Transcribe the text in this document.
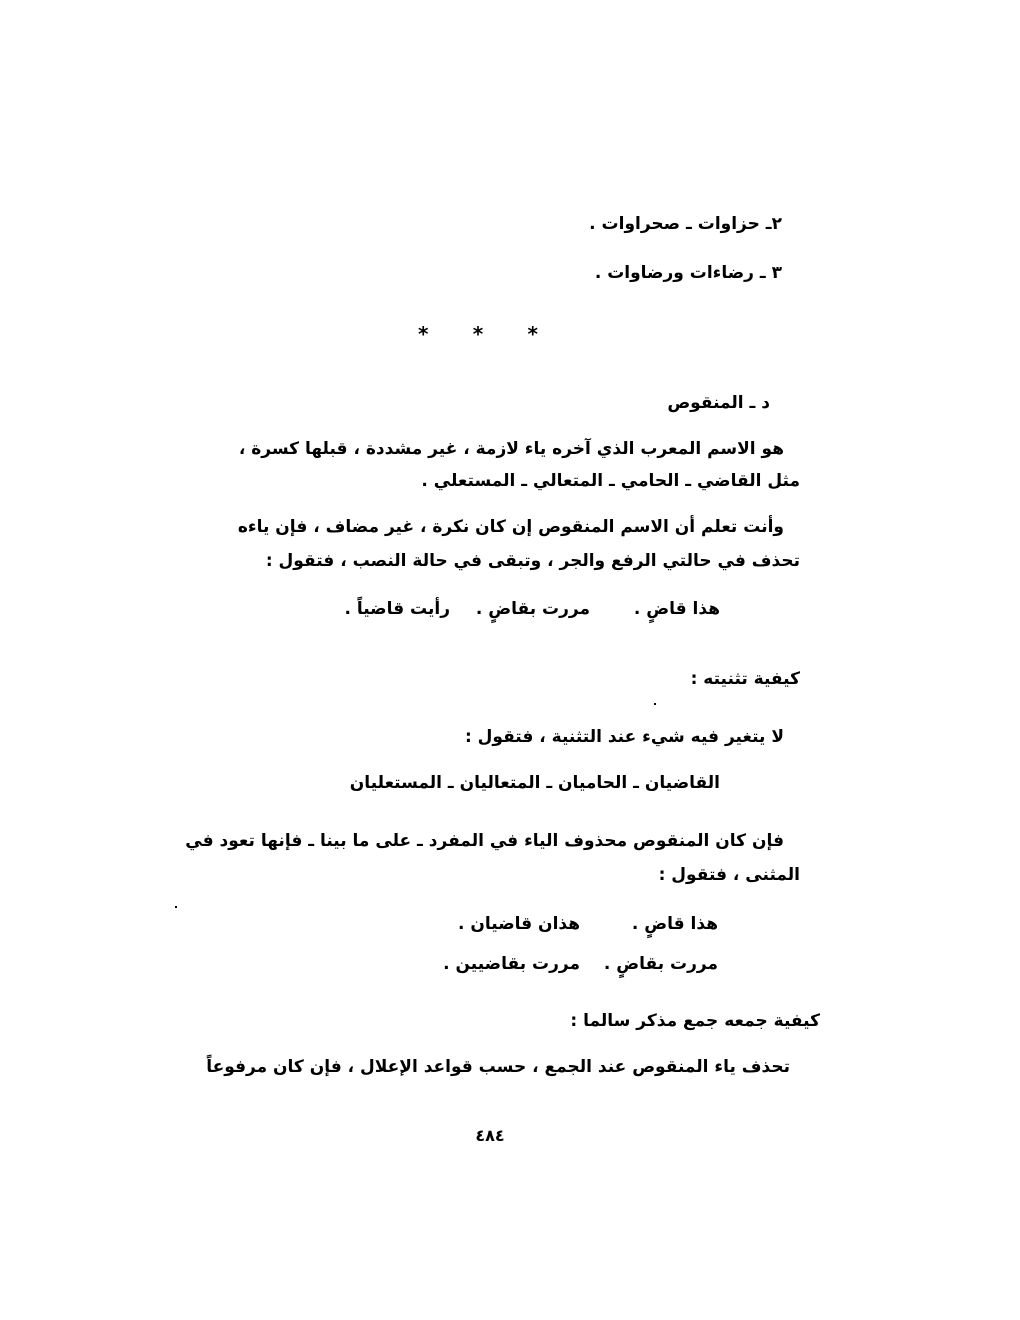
٢ـ حزاوات ـ صحراوات .
٣ ـ رضاءات ورضاوات .
* * *
د ـ المنقوص
هو الاسم المعرب الذي آخره ياء لازمة ، غير مشددة ، قبلها كسرة ،
مثل القاضي ـ الحامي ـ المتعالي ـ المستعلي .
وأنت تعلم أن الاسم المنقوص إن كان نكرة ، غير مضاف ، فإن ياءه
تحذف في حالتي الرفع والجر ، وتبقى في حالة النصب ، فتقول :
هذا قاضٍ .
مررت بقاضٍ .
رأيت قاضياً .
كيفية تثنيته :
لا يتغير فيه شيء عند التثنية ، فتقول :
القاضيان ـ الحاميان ـ المتعاليان ـ المستعليان
فإن كان المنقوص محذوف الياء في المفرد ـ على ما بينا ـ فإنها تعود في
المثنى ، فتقول :
هذا قاضٍ .
هذان قاضيان .
مررت بقاضٍ .
مررت بقاضيين .
كيفية جمعه جمع مذكر سالما :
تحذف ياء المنقوص عند الجمع ، حسب قواعد الإعلال ، فإن كان مرفوعاً
٤٨٤
